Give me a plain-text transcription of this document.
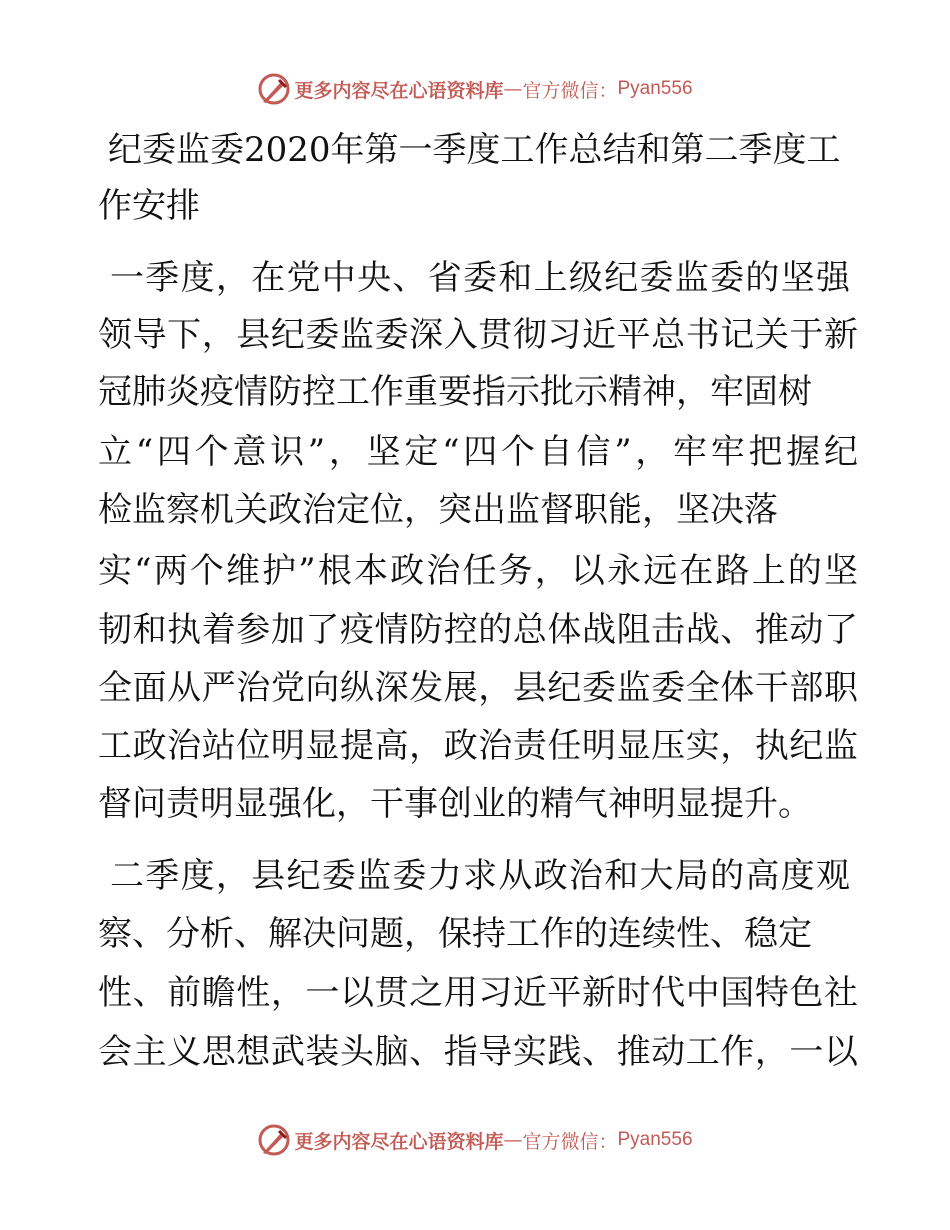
更多内容尽在心语资料库 — 官方微信： Pyan556
纪委监委2020年第一季度工作总结和第二季度工
作安排
一季度，在党中央、省委和上级纪委监委的坚强
领导下，县纪委监委深入贯彻习近平总书记关于新
冠肺炎疫情防控工作重要指示批示精神，牢固树
立“四个意识”，坚定“四个自信”，牢牢把握纪
检监察机关政治定位，突出监督职能，坚决落
实“两个维护”根本政治任务，以永远在路上的坚
韧和执着参加了疫情防控的总体战阻击战、推动了
全面从严治党向纵深发展，县纪委监委全体干部职
工政治站位明显提高，政治责任明显压实，执纪监
督问责明显强化，干事创业的精气神明显提升。
二季度，县纪委监委力求从政治和大局的高度观
察、分析、解决问题，保持工作的连续性、稳定
性、前瞻性，一以贯之用习近平新时代中国特色社
会主义思想武装头脑、指导实践、推动工作，一以
更多内容尽在心语资料库 — 官方微信： Pyan556
